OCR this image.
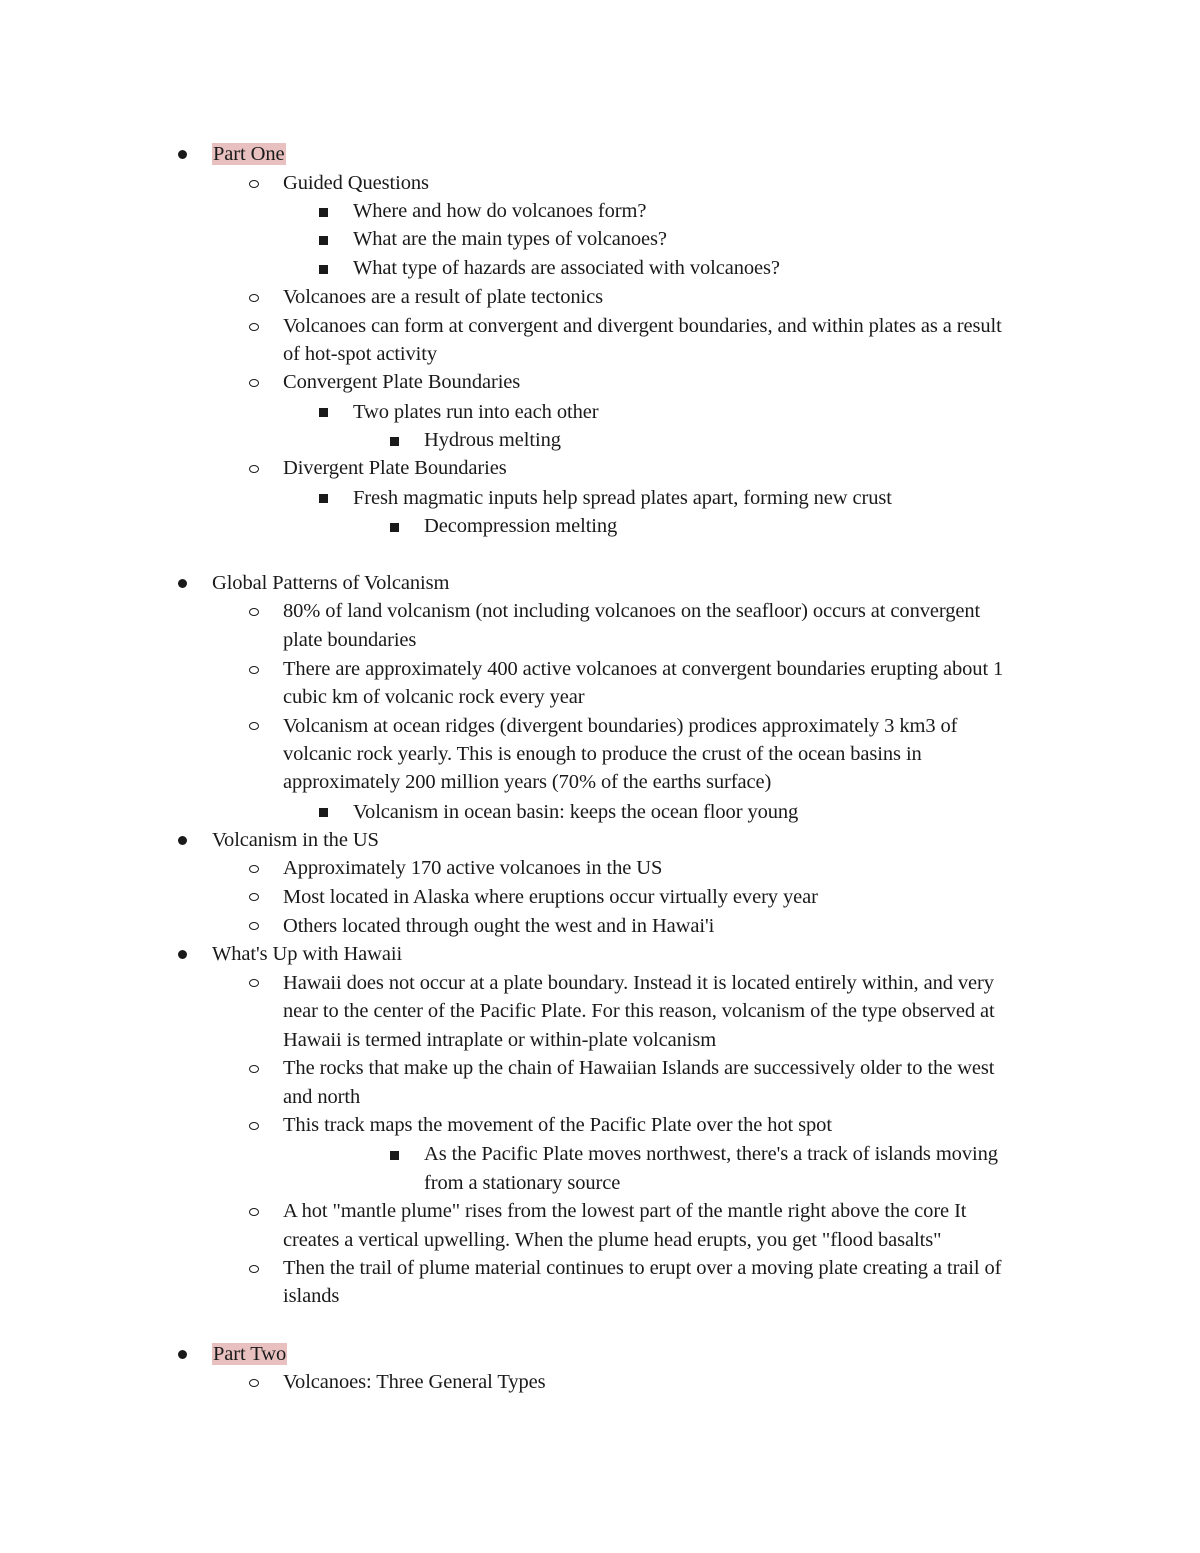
Part One
Guided Questions
Where and how do volcanoes form?
What are the main types of volcanoes?
What type of hazards are associated with volcanoes?
Volcanoes are a result of plate tectonics
Volcanoes can form at convergent and divergent boundaries, and within plates as a result
of hot-spot activity
Convergent Plate Boundaries
Two plates run into each other
Hydrous melting
Divergent Plate Boundaries
Fresh magmatic inputs help spread plates apart, forming new crust
Decompression melting
Global Patterns of Volcanism
80% of land volcanism (not including volcanoes on the seafloor) occurs at convergent
plate boundaries
There are approximately 400 active volcanoes at convergent boundaries erupting about 1
cubic km of volcanic rock every year
Volcanism at ocean ridges (divergent boundaries) prodices approximately 3 km3 of
volcanic rock yearly. This is enough to produce the crust of the ocean basins in
approximately 200 million years (70% of the earths surface)
Volcanism in ocean basin: keeps the ocean floor young
Volcanism in the US
Approximately 170 active volcanoes in the US
Most located in Alaska where eruptions occur virtually every year
Others located through ought the west and in Hawai'i
What's Up with Hawaii
Hawaii does not occur at a plate boundary. Instead it is located entirely within, and very
near to the center of the Pacific Plate. For this reason, volcanism of the type observed at
Hawaii is termed intraplate or within-plate volcanism
The rocks that make up the chain of Hawaiian Islands are successively older to the west
and north
This track maps the movement of the Pacific Plate over the hot spot
As the Pacific Plate moves northwest, there's a track of islands moving
from a stationary source
A hot "mantle plume" rises from the lowest part of the mantle right above the core It
creates a vertical upwelling. When the plume head erupts, you get "flood basalts"
Then the trail of plume material continues to erupt over a moving plate creating a trail of
islands
Part Two
Volcanoes: Three General Types
